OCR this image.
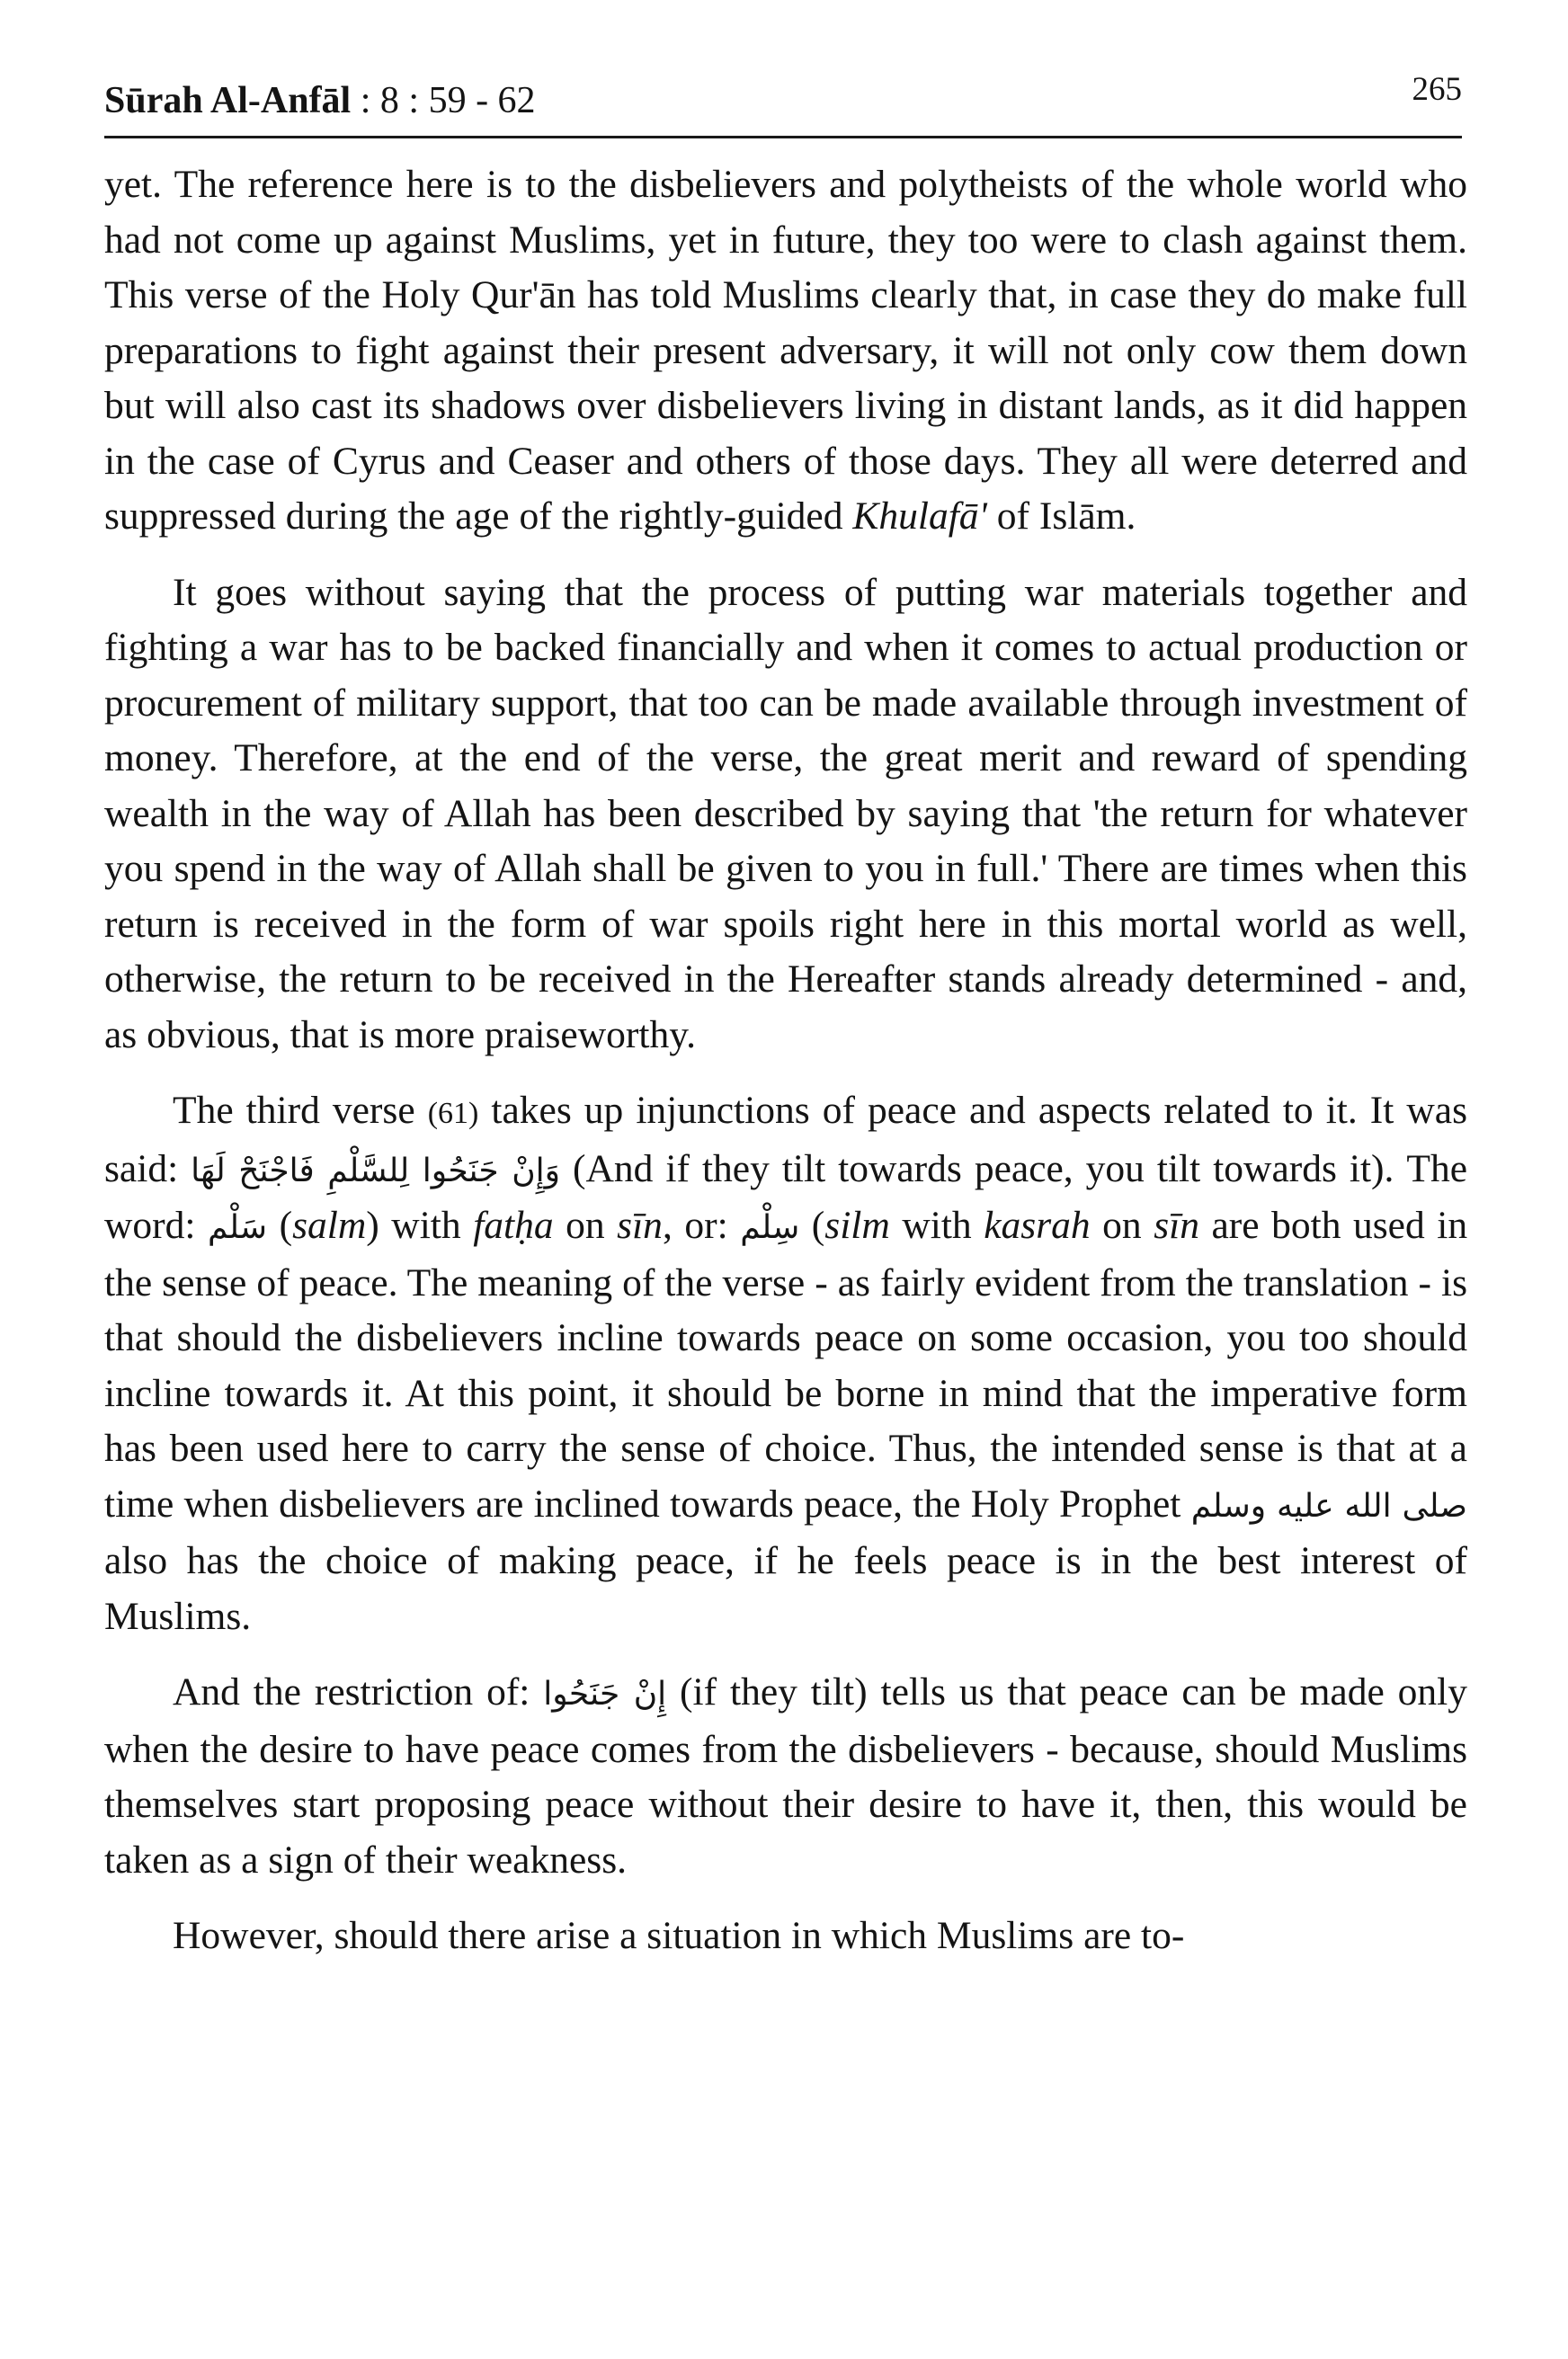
Sūrah Al-Anfāl : 8 : 59 - 62	265

yet. The reference here is to the disbelievers and polytheists of the whole world who had not come up against Muslims, yet in future, they too were to clash against them. This verse of the Holy Qur'ān has told Muslims clearly that, in case they do make full preparations to fight against their present adversary, it will not only cow them down but will also cast its shadows over disbelievers living in distant lands, as it did happen in the case of Cyrus and Ceaser and others of those days. They all were deterred and suppressed during the age of the rightly-guided Khulafā' of Islām.

It goes without saying that the process of putting war materials together and fighting a war has to be backed financially and when it comes to actual production or procurement of military support, that too can be made available through investment of money. Therefore, at the end of the verse, the great merit and reward of spending wealth in the way of Allah has been described by saying that 'the return for whatever you spend in the way of Allah shall be given to you in full.' There are times when this return is received in the form of war spoils right here in this mortal world as well, otherwise, the return to be received in the Hereafter stands already determined - and, as obvious, that is more praiseworthy.

The third verse (61) takes up injunctions of peace and aspects related to it. It was said: وَإِنْ جَنَحُوا لِلسَّلْمِ فَاجْنَحْ لَهَا (And if they tilt towards peace, you tilt towards it). The word: سَلْم (salm) with fatḥa on sīn, or: سِلْم (silm with kasrah on sīn are both used in the sense of peace. The meaning of the verse - as fairly evident from the translation - is that should the disbelievers incline towards peace on some occasion, you too should incline towards it. At this point, it should be borne in mind that the imperative form has been used here to carry the sense of choice. Thus, the intended sense is that at a time when disbelievers are inclined towards peace, the Holy Prophet صلى الله عليه وسلم also has the choice of making peace, if he feels peace is in the best interest of Muslims.

And the restriction of: إِنْ جَنَحُوا (if they tilt) tells us that peace can be made only when the desire to have peace comes from the disbelievers - because, should Muslims themselves start proposing peace without their desire to have it, then, this would be taken as a sign of their weakness.

However, should there arise a situation in which Muslims are to-
